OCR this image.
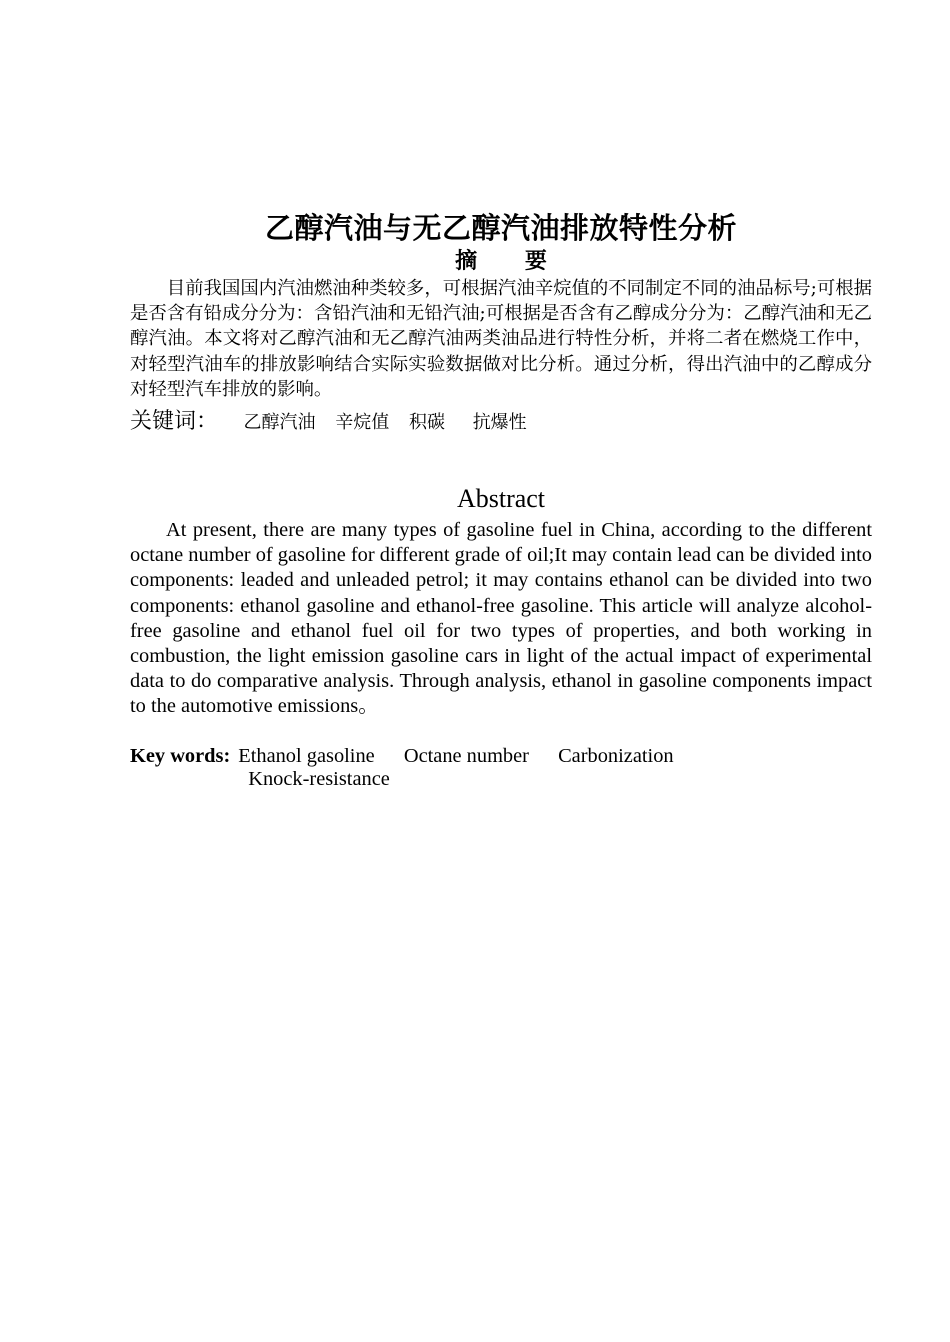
乙醇汽油与无乙醇汽油排放特性分析
摘 要

目前我国国内汽油燃油种类较多，可根据汽油辛烷值的不同制定不同的油品标号;可根据是否含有铅成分分为：含铅汽油和无铅汽油;可根据是否含有乙醇成分分为：乙醇汽油和无乙醇汽油。本文将对乙醇汽油和无乙醇汽油两类油品进行特性分析，并将二者在燃烧工作中，对轻型汽油车的排放影响结合实际实验数据做对比分析。通过分析，得出汽油中的乙醇成分对轻型汽车排放的影响。

关键词： 乙醇汽油 辛烷值 积碳 抗爆性
Abstract

At present, there are many types of gasoline fuel in China, according to the different octane number of gasoline for different grade of oil;It may contain lead can be divided into components: leaded and unleaded petrol; it may contains ethanol can be divided into two components: ethanol gasoline and ethanol-free gasoline. This article will analyze alcohol-free gasoline and ethanol fuel oil for two types of properties, and both working in combustion, the light emission gasoline cars in light of the actual impact of experimental data to do comparative analysis. Through analysis, ethanol in gasoline components impact to the automotive emissions。

Key words: Ethanol gasoline Octane number Carbonization Knock-resistance
